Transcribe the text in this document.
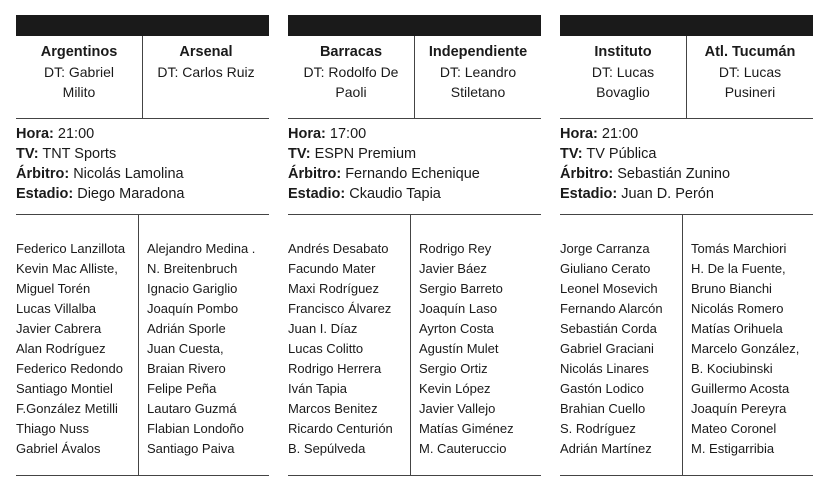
Argentinos
DT: Gabriel Milito
Arsenal
DT: Carlos Ruiz
Hora: 21:00
TV: TNT Sports
Árbitro: Nicolás Lamolina
Estadio: Diego Maradona
Federico Lanzillota
Kevin Mac Alliste,
Miguel Torén
Lucas Villalba
Javier Cabrera
Alan Rodríguez
Federico Redondo
Santiago Montiel
F.González Metilli
Thiago Nuss
Gabriel Ávalos
Alejandro Medina .
N. Breitenbruch
Ignacio Gariglio
Joaquín Pombo
Adrián Sporle
Juan Cuesta,
Braian Rivero
Felipe Peña
Lautaro Guzmá
Flabian Londoño
Santiago Paiva
Barracas
DT: Rodolfo De Paoli
Independiente
DT: Leandro Stiletano
Hora: 17:00
TV: ESPN Premium
Árbitro: Fernando Echenique
Estadio: Ckaudio Tapia
Andrés Desabato
Facundo Mater
Maxi Rodríguez
Francisco Álvarez
Juan I. Díaz
Lucas Colitto
Rodrigo Herrera
Iván Tapia
Marcos Benitez
Ricardo Centurión
B. Sepúlveda
Rodrigo Rey
Javier Báez
Sergio Barreto
Joaquín Laso
Ayrton Costa
Agustín Mulet
Sergio Ortiz
Kevin López
Javier Vallejo
Matías Giménez
M. Cauteruccio
Instituto
DT: Lucas Bovaglio
Atl. Tucumán
DT: Lucas Pusineri
Hora: 21:00
TV: TV Pública
Árbitro: Sebastián Zunino
Estadio: Juan D. Perón
Jorge Carranza
Giuliano Cerato
Leonel Mosevich
Fernando Alarcón
Sebastián Corda
Gabriel Graciani
Nicolás Linares
Gastón Lodico
Brahian Cuello
S. Rodríguez
Adrián Martínez
Tomás Marchiori
H. De la Fuente,
Bruno Bianchi
Nicolás Romero
Matías Orihuela
Marcelo González,
B. Kociubinski
Guillermo Acosta
Joaquín Pereyra
Mateo Coronel
M. Estigarribia
